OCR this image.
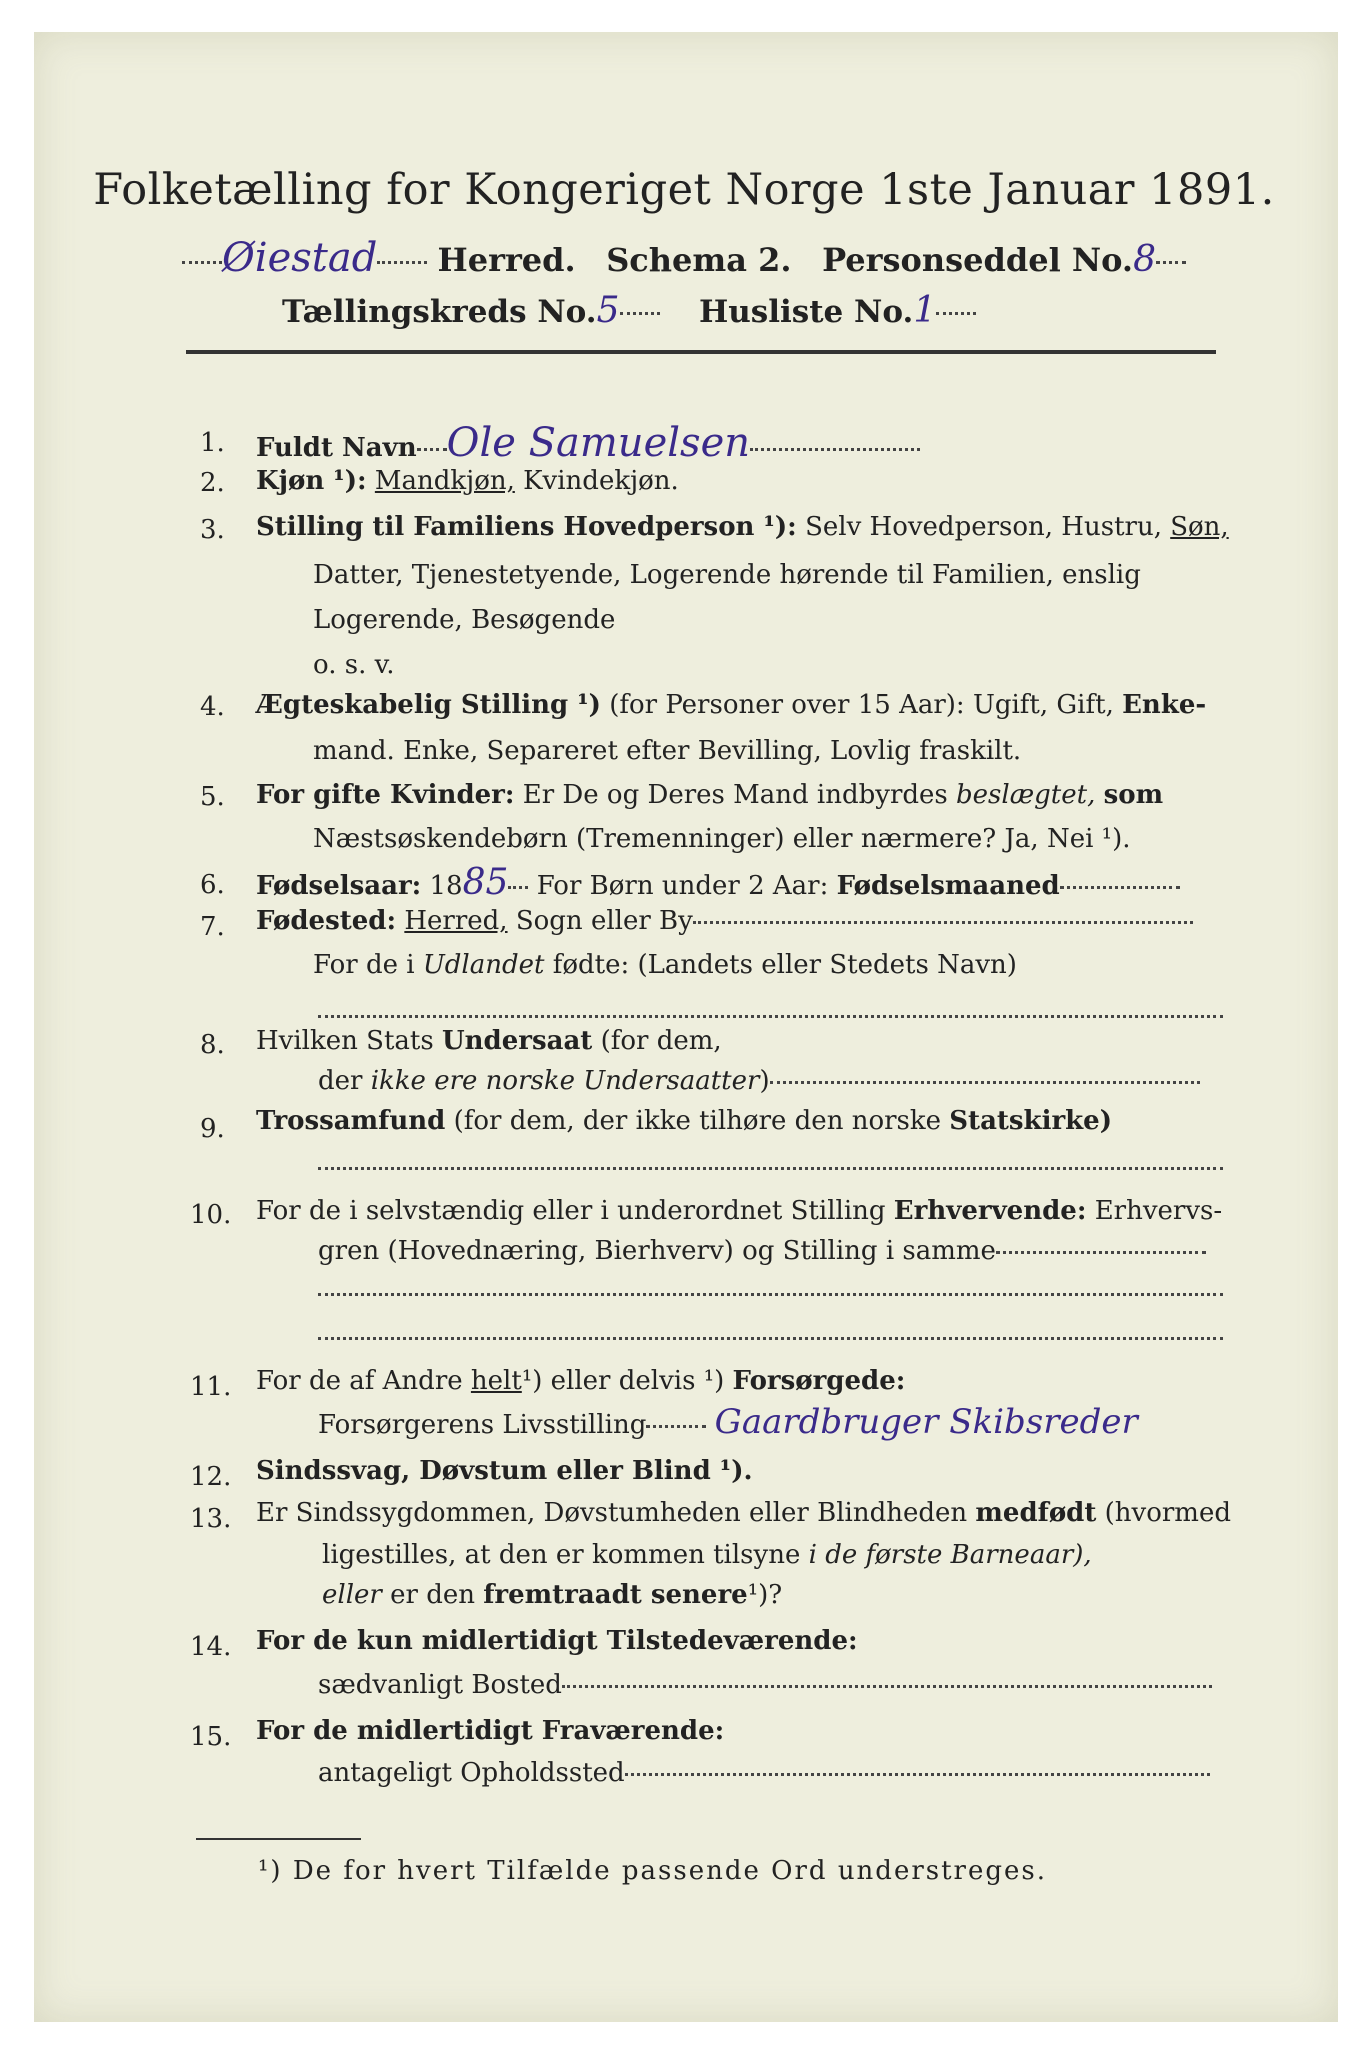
Folketælling for Kongeriget Norge 1ste Januar 1891.
Øiestad Herred. Schema 2. Personseddel No.8
Tællingskreds No.5	Husliste No.1
1. Fuldt Navn Ole Samuelsen
2. Kjøn ¹): Mandkjøn, Kvindekjøn.
3. Stilling til Familiens Hovedperson ¹): Selv Hovedperson, Hustru, Søn,
Datter, Tjenestetyende, Logerende hørende til Familien, enslig
Logerende, Besøgende
o. s. v.
4. Ægteskabelig Stilling ¹) (for Personer over 15 Aar): Ugift, Gift, Enke-
mand. Enke, Separeret efter Bevilling, Lovlig fraskilt.
5. For gifte Kvinder: Er De og Deres Mand indbyrdes beslægtet, som
Næstsøskendebørn (Tremenninger) eller nærmere? Ja, Nei ¹).
6. Fødselsaar: 1885 For Børn under 2 Aar: Fødselsmaaned
7. Fødested: Herred, Sogn eller By
For de i Udlandet fødte: (Landets eller Stedets Navn)
8. Hvilken Stats Undersaat (for dem,
der ikke ere norske Undersaatter)
9. Trossamfund (for dem, der ikke tilhøre den norske Statskirke)
10. For de i selvstændig eller i underordnet Stilling Erhvervende: Erhvervs-
gren (Hovednæring, Bierhverv) og Stilling i samme
11. For de af Andre helt¹) eller delvis ¹) Forsørgede:
Forsørgerens Livsstilling Gaardbruger Skibsreder
12. Sindssvag, Døvstum eller Blind ¹).
13. Er Sindssygdommen, Døvstumheden eller Blindheden medfødt (hvormed
ligestilles, at den er kommen tilsyne i de første Barneaar),
eller er den fremtraadt senere¹)?
14. For de kun midlertidigt Tilstedeværende:
sædvanligt Bosted
15. For de midlertidigt Fraværende:
antageligt Opholdssted
¹) De for hvert Tilfælde passende Ord understreges.
